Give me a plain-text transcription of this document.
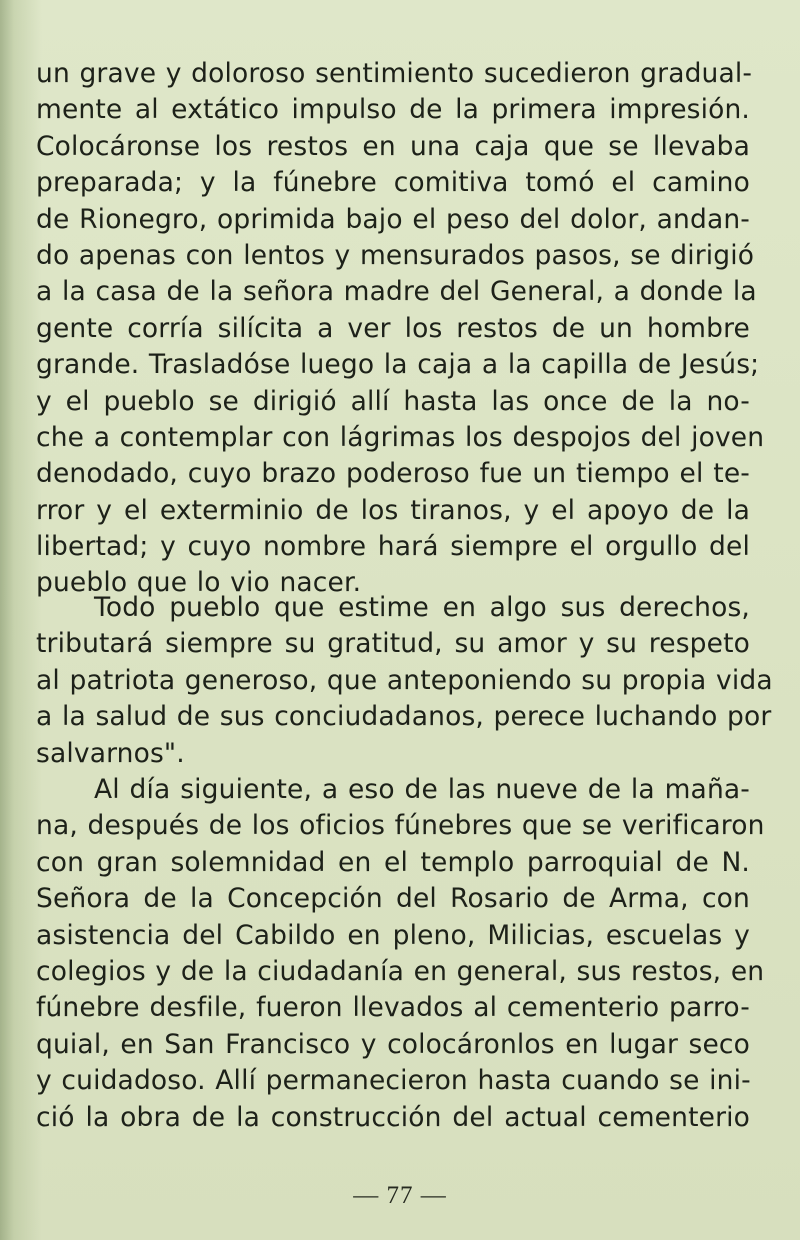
un grave y doloroso sentimiento sucedieron gradual-
mente al extático impulso de la primera impresión.
Colocáronse los restos en una caja que se llevaba
preparada; y la fúnebre comitiva tomó el camino
de Rionegro, oprimida bajo el peso del dolor, andan-
do apenas con lentos y mensurados pasos, se dirigió
a la casa de la señora madre del General, a donde la
gente corría silícita a ver los restos de un hombre
grande. Trasladóse luego la caja a la capilla de Jesús;
y el pueblo se dirigió allí hasta las once de la no-
che a contemplar con lágrimas los despojos del joven
denodado, cuyo brazo poderoso fue un tiempo el te-
rror y el exterminio de los tiranos, y el apoyo de la
libertad; y cuyo nombre hará siempre el orgullo del
pueblo que lo vio nacer.
Todo pueblo que estime en algo sus derechos,
tributará siempre su gratitud, su amor y su respeto
al patriota generoso, que anteponiendo su propia vida
a la salud de sus conciudadanos, perece luchando por
salvarnos".
Al día siguiente, a eso de las nueve de la maña-
na, después de los oficios fúnebres que se verificaron
con gran solemnidad en el templo parroquial de N.
Señora de la Concepción del Rosario de Arma, con
asistencia del Cabildo en pleno, Milicias, escuelas y
colegios y de la ciudadanía en general, sus restos, en
fúnebre desfile, fueron llevados al cementerio parro-
quial, en San Francisco y colocáronlos en lugar seco
y cuidadoso. Allí permanecieron hasta cuando se ini-
ció la obra de la construcción del actual cementerio
— 77 —
